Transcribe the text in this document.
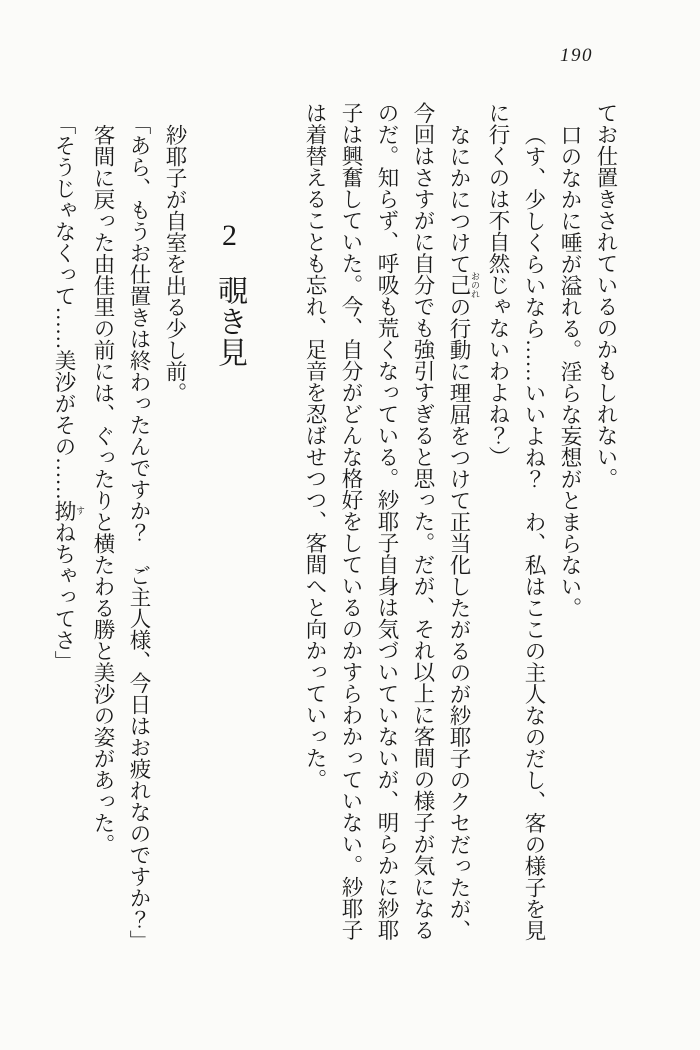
190

てお仕置きされているのかもしれない。

口のなかに唾が溢れる。淫らな妄想がとまらない。

（す、少しくらいなら……いいよね？　わ、私はここの主人なのだし、客の様子を見に行くのは不自然じゃないわよね？）

なにかにつけて己 おのれの行動に理屈をつけて正当化したがるのが紗耶子のクセだったが、今回はさすがに自分でも強引すぎると思った。だが、それ以上に客間の様子が気になるのだ。知らず、呼吸も荒くなっている。紗耶子自身は気づいていないが、明らかに紗耶子は興奮していた。今、自分がどんな格好をしているのかすらわかっていない。紗耶子は着替えることも忘れ、足音を忍ばせつつ、客間へと向かっていった。

2覗き見

紗耶子が自室を出る少し前。

「あら、もうお仕置きは終わったんですか？　ご主人様、今日はお疲れなのですか？」

客間に戻った由佳里の前には、ぐったりと横たわる勝と美沙の姿があった。

「そうじゃなくって……美沙がその……拗 すねちゃってさ」
